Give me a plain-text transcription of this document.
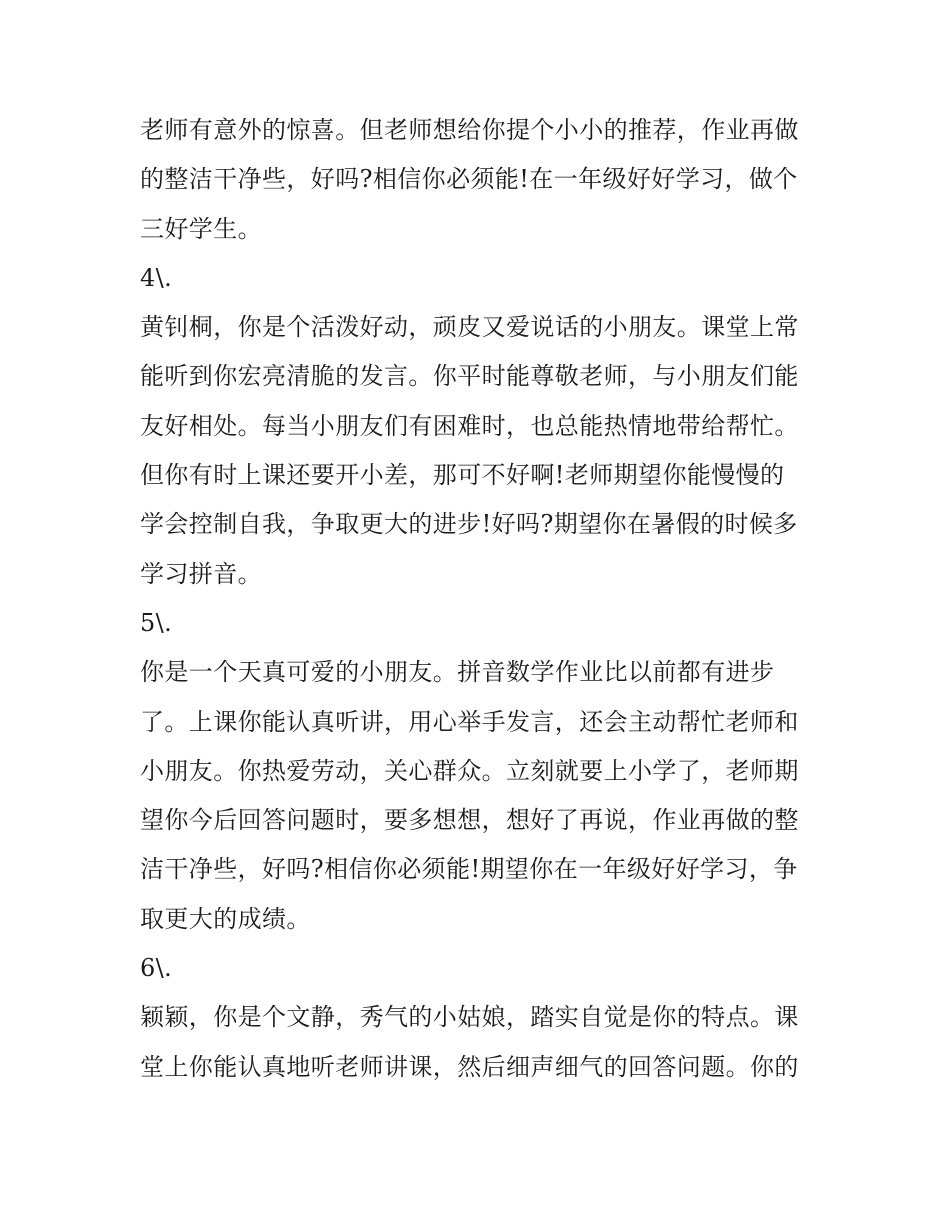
老师有意外的惊喜。但老师想给你提个小小的推荐，作业再做
的整洁干净些，好吗?相信你必须能!在一年级好好学习，做个
三好学生。
4\.
黄钊桐，你是个活泼好动，顽皮又爱说话的小朋友。课堂上常
能听到你宏亮清脆的发言。你平时能尊敬老师，与小朋友们能
友好相处。每当小朋友们有困难时，也总能热情地带给帮忙。
但你有时上课还要开小差，那可不好啊!老师期望你能慢慢的
学会控制自我，争取更大的进步!好吗?期望你在暑假的时候多
学习拼音。
5\.
你是一个天真可爱的小朋友。拼音数学作业比以前都有进步
了。上课你能认真听讲，用心举手发言，还会主动帮忙老师和
小朋友。你热爱劳动，关心群众。立刻就要上小学了，老师期
望你今后回答问题时，要多想想，想好了再说，作业再做的整
洁干净些，好吗?相信你必须能!期望你在一年级好好学习，争
取更大的成绩。
6\.
颖颖，你是个文静，秀气的小姑娘，踏实自觉是你的特点。课
堂上你能认真地听老师讲课，然后细声细气的回答问题。你的
